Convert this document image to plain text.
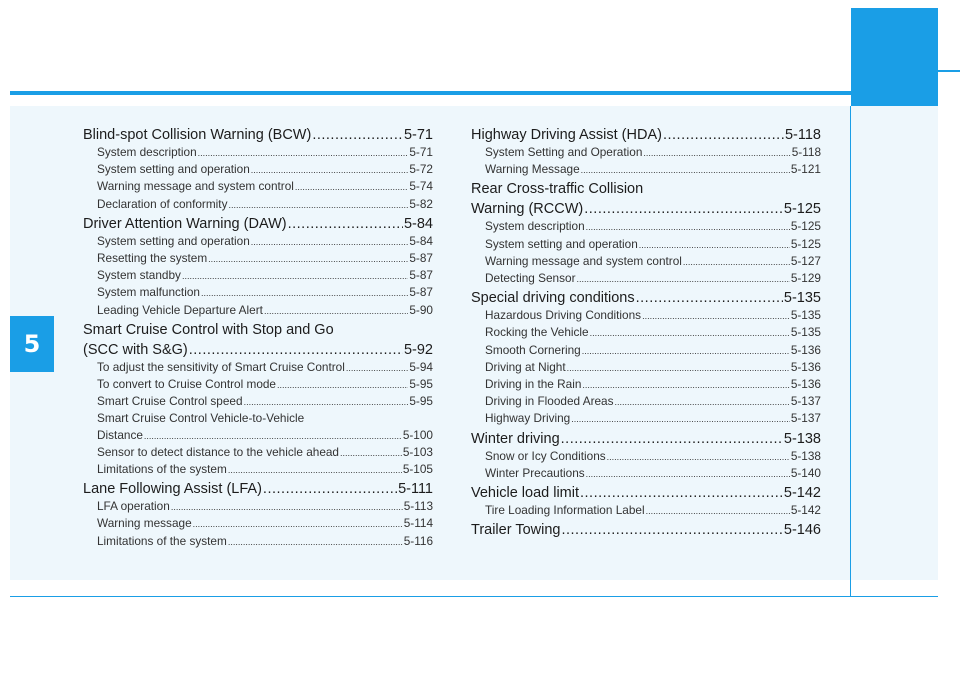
5
Blind-spot Collision Warning (BCW) .....	5-71
System description .....	5-71
System setting and operation .....	5-72
Warning message and system control .....	5-74
Declaration of conformity .....	5-82
Driver Attention Warning (DAW) .....	5-84
System setting and operation .....	5-84
Resetting the system .....	5-87
System standby .....	5-87
System malfunction .....	5-87
Leading Vehicle Departure Alert .....	5-90
Smart Cruise Control with Stop and Go
(SCC with S&G) .....	5-92
To adjust the sensitivity of Smart Cruise Control .....	5-94
To convert to Cruise Control mode .....	5-95
Smart Cruise Control speed .....	5-95
Smart Cruise Control Vehicle-to-Vehicle
Distance .....	5-100
Sensor to detect distance to the vehicle ahead .....	5-103
Limitations of the system .....	5-105
Lane Following Assist (LFA) .....	5-111
LFA operation .....	5-113
Warning message .....	5-114
Limitations of the system .....	5-116
Highway Driving Assist (HDA) .....	5-118
System Setting and Operation .....	5-118
Warning Message .....	5-121
Rear Cross-traffic Collision
Warning (RCCW) .....	5-125
System description .....	5-125
System setting and operation .....	5-125
Warning message and system control .....	5-127
Detecting Sensor .....	5-129
Special driving conditions .....	5-135
Hazardous Driving Conditions .....	5-135
Rocking the Vehicle .....	5-135
Smooth Cornering .....	5-136
Driving at Night .....	5-136
Driving in the Rain .....	5-136
Driving in Flooded Areas .....	5-137
Highway Driving .....	5-137
Winter driving .....	5-138
Snow or Icy Conditions .....	5-138
Winter Precautions .....	5-140
Vehicle load limit .....	5-142
Tire Loading Information Label .....	5-142
Trailer Towing .....	5-146
